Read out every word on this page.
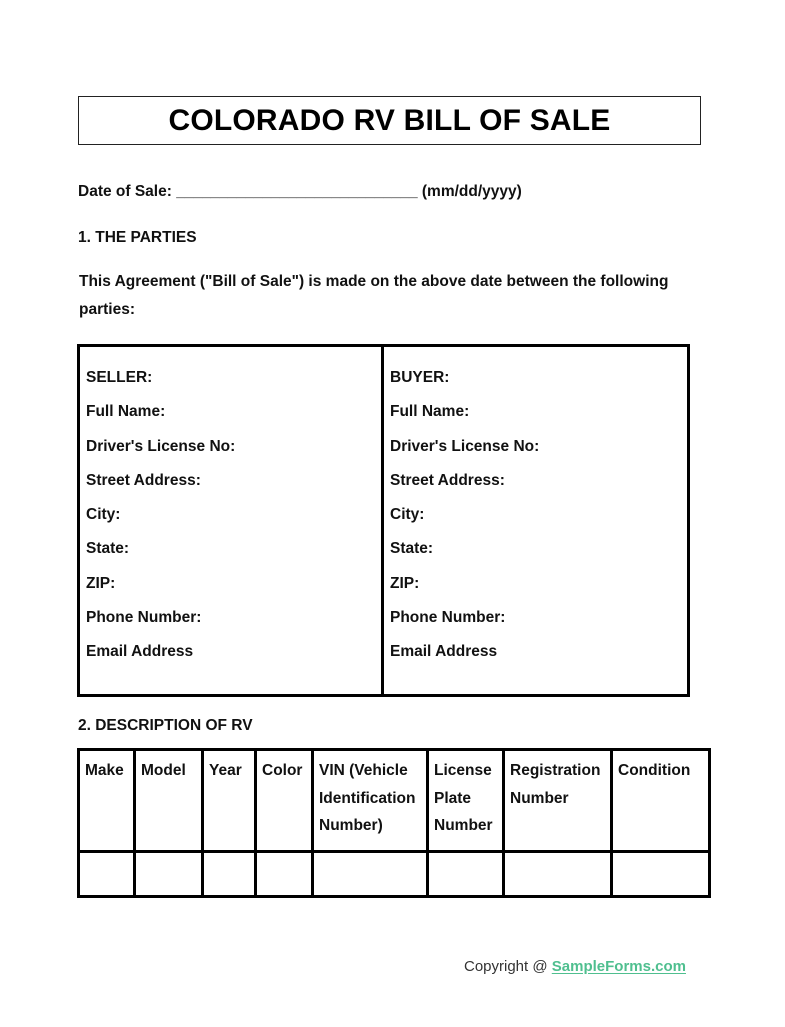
COLORADO RV BILL OF SALE
Date of Sale: ____________________________ (mm/dd/yyyy)
1. THE PARTIES
This Agreement ("Bill of Sale") is made on the above date between the following parties:
SELLER:
Full Name:
Driver's License No:
Street Address:
City:
State:
ZIP:
Phone Number:
Email Address
BUYER:
Full Name:
Driver's License No:
Street Address:
City:
State:
ZIP:
Phone Number:
Email Address
2. DESCRIPTION OF RV
Make	Model	Year	Color	VIN (Vehicle Identification Number)	License Plate Number	Registration Number	Condition

Copyright @ SampleForms.com
